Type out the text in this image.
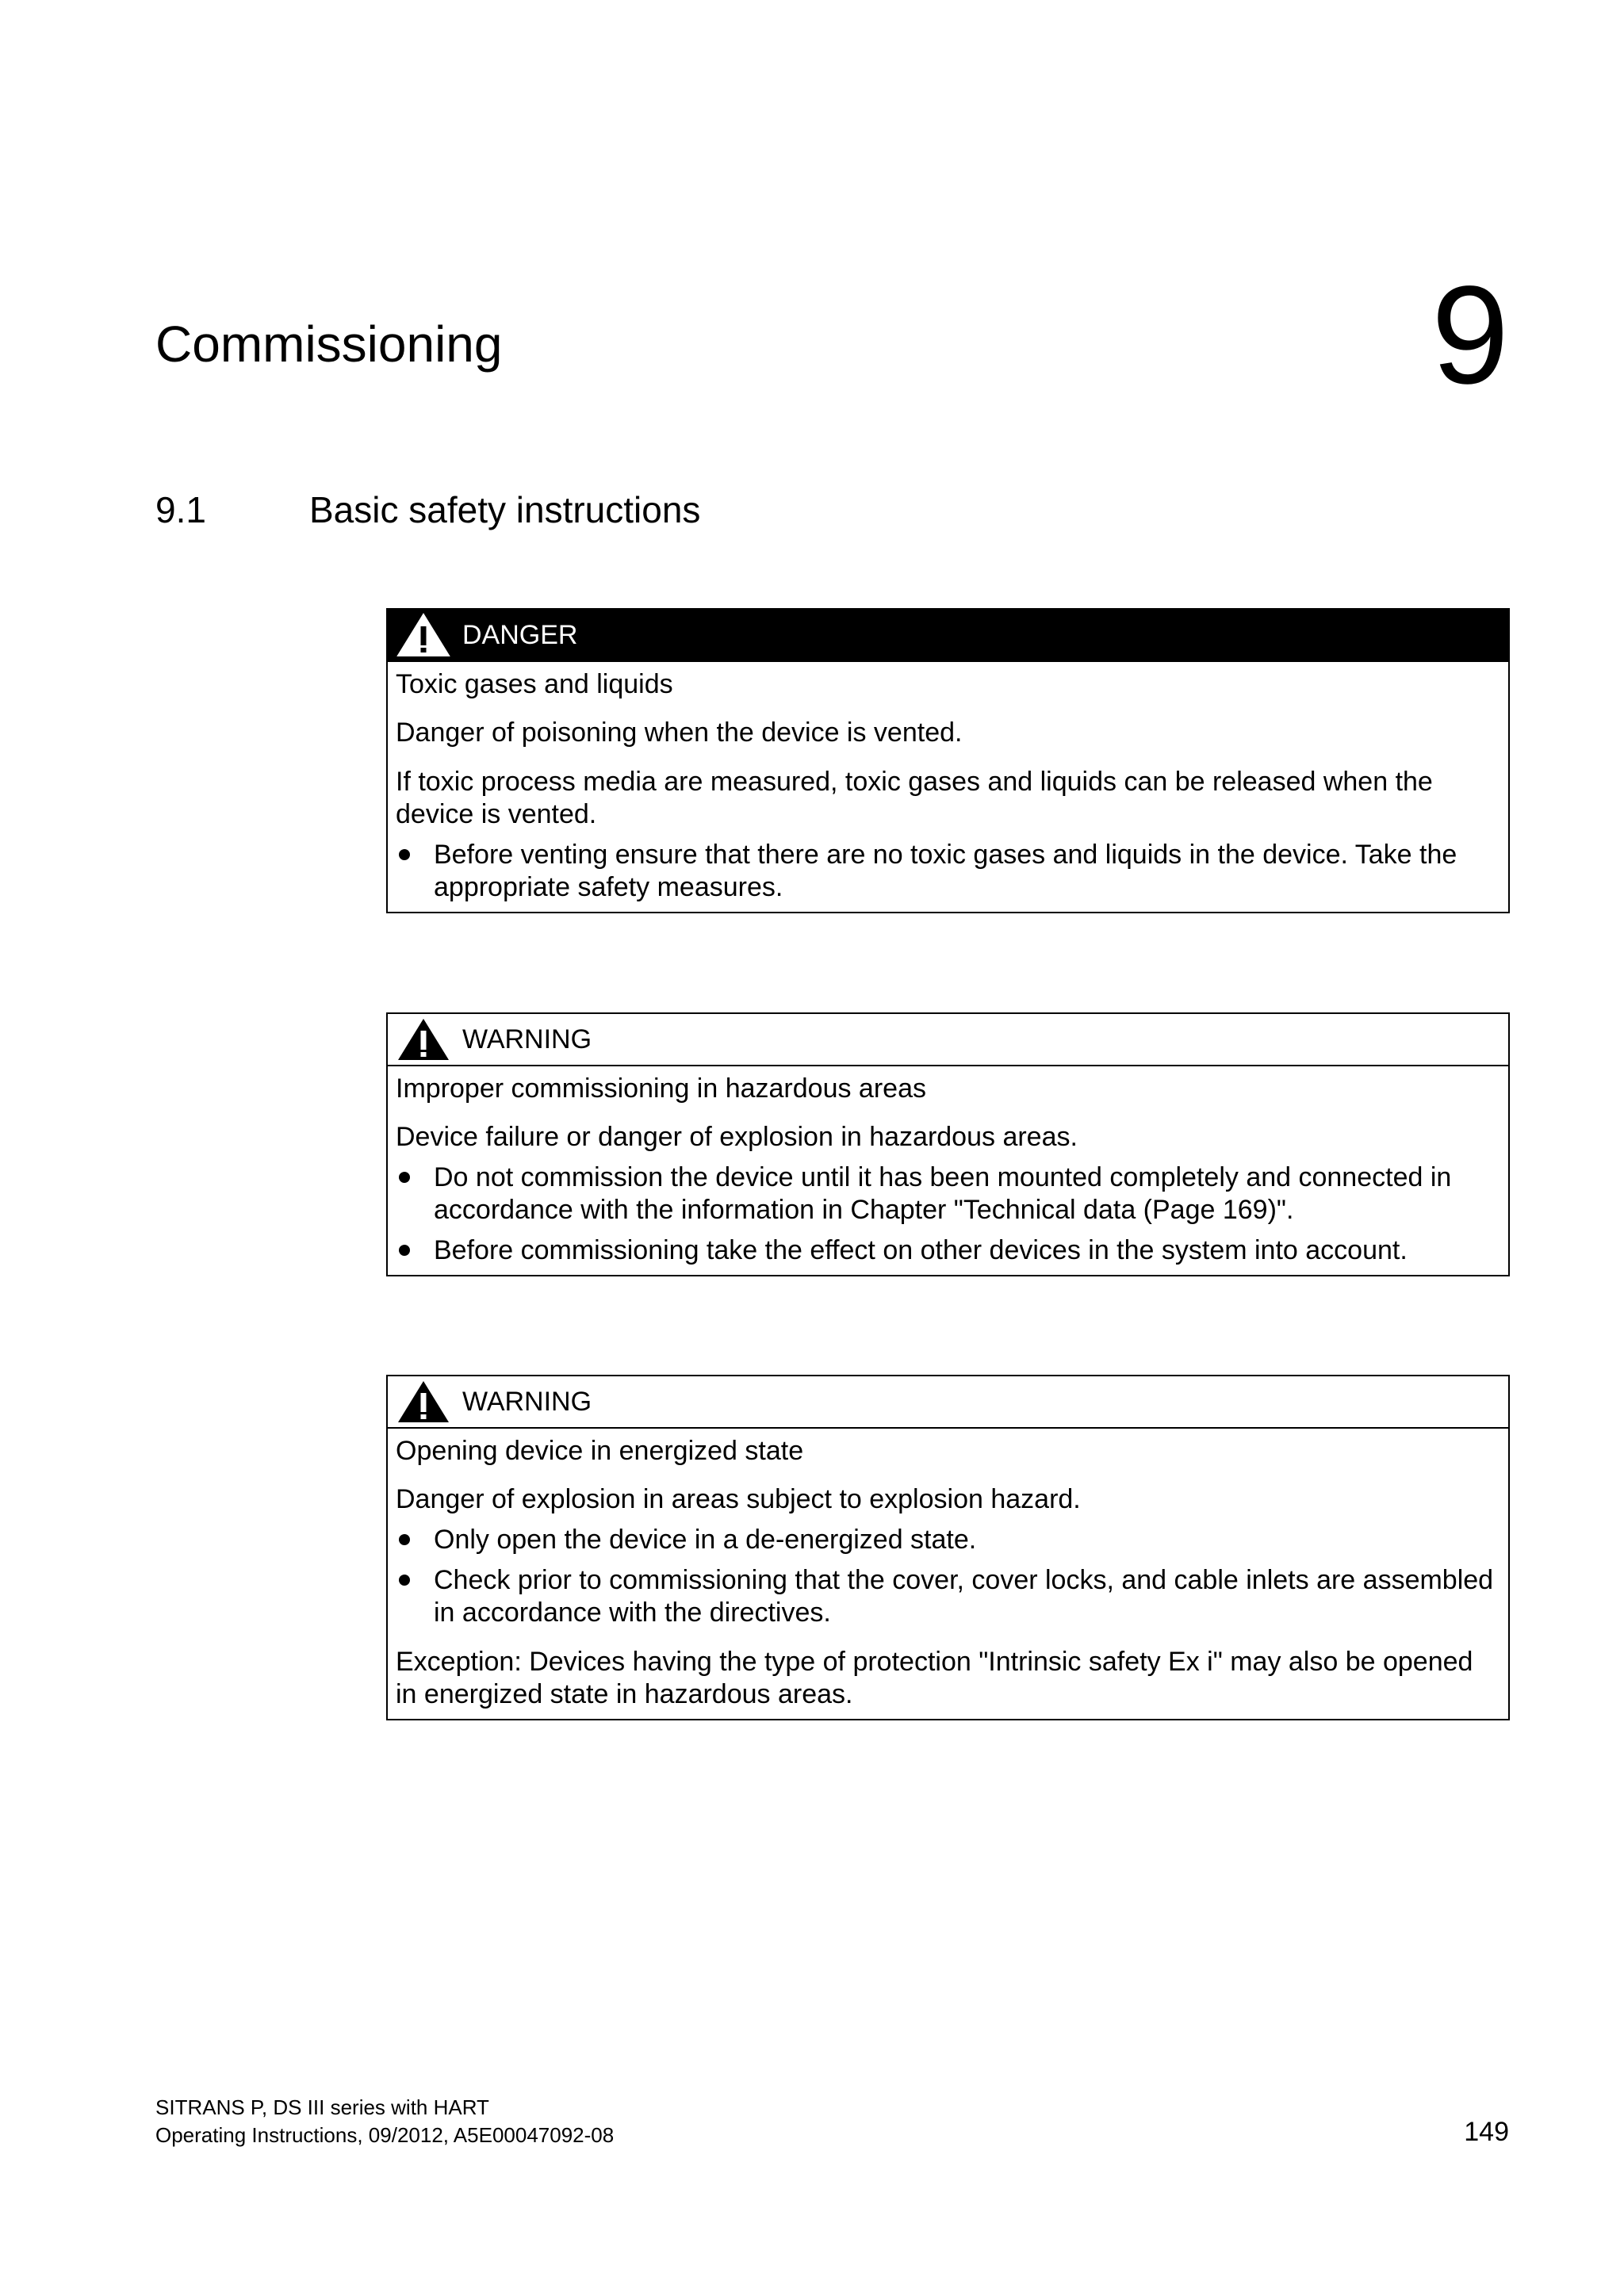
Commissioning	9
9.1	Basic safety instructions
DANGER

Toxic gases and liquids

Danger of poisoning when the device is vented.

If toxic process media are measured, toxic gases and liquids can be released when the device is vented.

Before venting ensure that there are no toxic gases and liquids in the device. Take the appropriate safety measures.
WARNING

Improper commissioning in hazardous areas

Device failure or danger of explosion in hazardous areas.

Do not commission the device until it has been mounted completely and connected in accordance with the information in Chapter "Technical data (Page 169)".
Before commissioning take the effect on other devices in the system into account.
WARNING

Opening device in energized state

Danger of explosion in areas subject to explosion hazard.

Only open the device in a de-energized state.
Check prior to commissioning that the cover, cover locks, and cable inlets are assembled in accordance with the directives.

Exception: Devices having the type of protection "Intrinsic safety Ex i" may also be opened in energized state in hazardous areas.

SITRANS P, DS III series with HART
Operating Instructions, 09/2012, A5E00047092-08	149
